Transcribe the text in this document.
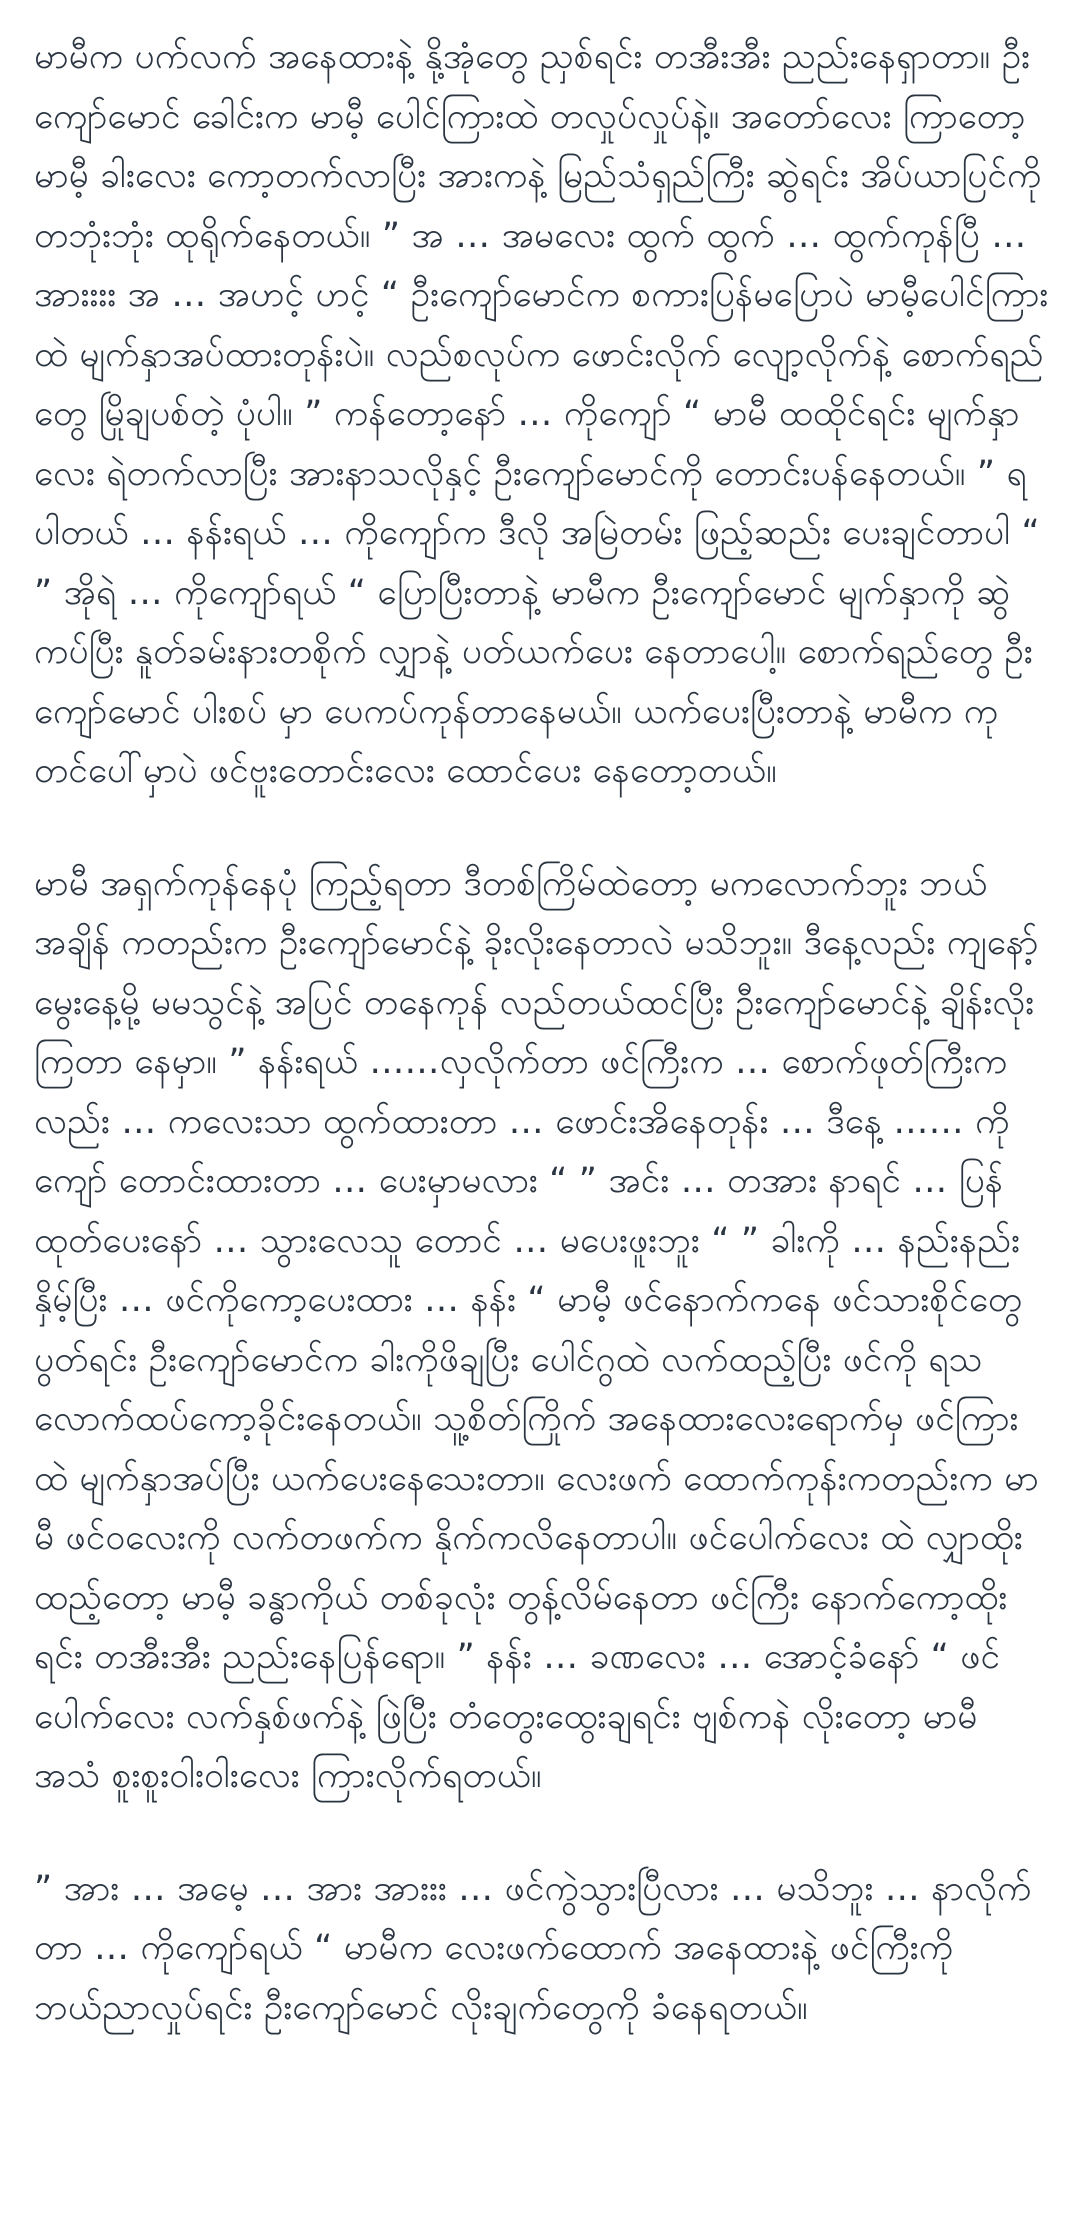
မာမီက ပက်လက် အနေထားနဲ့ နို့အုံတွေ ညှစ်ရင်း တအီးအီး ညည်းနေရှာတာ။ ဦးကျော်မောင် ခေါင်းက မာမီ့ ပေါင်ကြားထဲ တလှုပ်လှုပ်နဲ့။ အတော်လေး ကြာတော့ မာမီ့ ခါးလေး ကော့တက်လာပြီး အားကနဲ့ မြည်သံရှည်ကြီး ဆွဲရင်း အိပ်ယာပြင်ကို တဘုံးဘုံး ထုရိုက်နေတယ်။ ” အ … အမလေး ထွက် ထွက် … ထွက်ကုန်ပြီ … အားးးး အ … အဟင့် ဟင့် “ ဦးကျော်မောင်က စကားပြန်မပြောပဲ မာမီ့ပေါင်ကြားထဲ မျက်နှာအပ်ထားတုန်းပဲ။ လည်စလုပ်က ဖောင်းလိုက် လျော့လိုက်နဲ့ စောက်ရည်တွေ မြိုချပစ်တဲ့ ပုံပါ။ ” ကန်တော့နော် … ကိုကျော် “ မာမီ ထထိုင်ရင်း မျက်နှာလေး ရဲတက်လာပြီး အားနာသလိုနှင့် ဦးကျော်မောင်ကို တောင်းပန်နေတယ်။ ” ရပါတယ် … နန်းရယ် … ကိုကျော်က ဒီလို အမြဲတမ်း ဖြည့်ဆည်း ပေးချင်တာပါ “ ” အိုရဲ … ကိုကျော်ရယ် “ ပြောပြီးတာနဲ့ မာမီက ဦးကျော်မောင် မျက်နှာကို ဆွဲကပ်ပြီး နူတ်ခမ်းနားတစိုက် လျှာနဲ့ ပတ်ယက်ပေး နေတာပေါ့။ စောက်ရည်တွေ ဦးကျော်မောင် ပါးစပ် မှာ ပေကပ်ကုန်တာနေမယ်။ ယက်ပေးပြီးတာနဲ့ မာမီက ကုတင်ပေါ်မှာပဲ ဖင်ဗူးတောင်းလေး ထောင်ပေး နေတော့တယ်။

မာမီ အရှက်ကုန်နေပုံ ကြည့်ရတာ ဒီတစ်ကြိမ်ထဲတော့ မကလောက်ဘူး ဘယ်အချိန် ကတည်းက ဦးကျော်မောင်နဲ့ ခိုးလိုးနေတာလဲ မသိဘူး။ ဒီနေ့လည်း ကျနော့် မွေးနေ့မို့ မမသွင်နဲ့ အပြင် တနေကုန် လည်တယ်ထင်ပြီး ဦးကျော်မောင်နဲ့ ချိန်းလိုးကြတာ နေမှာ။ ” နန်းရယ် ……လှလိုက်တာ ဖင်ကြီးက … စောက်ဖုတ်ကြီးကလည်း … ကလေးသာ ထွက်ထားတာ … ဖောင်းအိနေတုန်း … ဒီနေ့ …… ကိုကျော် တောင်းထားတာ … ပေးမှာမလား “ ” အင်း … တအား နာရင် … ပြန်ထုတ်ပေးနော် … သွားလေသူ တောင် … မပေးဖူးဘူး “ ” ခါးကို … နည်းနည်းနှိမ့်ပြီး … ဖင်ကိုကော့ပေးထား … နန်း “ မာမီ့ ဖင်နောက်ကနေ ဖင်သားစိုင်တွေ ပွတ်ရင်း ဦးကျော်မောင်က ခါးကိုဖိချပြီး ပေါင်ဂွထဲ လက်ထည့်ပြီး ဖင်ကို ရသလောက်ထပ်ကော့ခိုင်းနေတယ်။ သူ့စိတ်ကြိုက် အနေထားလေးရောက်မှ ဖင်ကြားထဲ မျက်နှာအပ်ပြီး ယက်ပေးနေသေးတာ။ လေးဖက် ထောက်ကုန်းကတည်းက မာမီ ဖင်ဝလေးကို လက်တဖက်က နိုက်ကလိနေတာပါ။ ဖင်ပေါက်လေး ထဲ လျှာထိုးထည့်တော့ မာမီ့ ခန္ဓာကိုယ် တစ်ခုလုံး တွန့်လိမ်နေတာ ဖင်ကြီး နောက်ကော့ထိုးရင်း တအီးအီး ညည်းနေပြန်ရော။ ” နန်း … ခဏလေး … အောင့်ခံနော် “ ဖင်ပေါက်လေး လက်နှစ်ဖက်နဲ့ ဖြဲပြီး တံတွေးထွေးချရင်း ဗျစ်ကနဲ လိုးတော့ မာမီ အသံ စူးစူးဝါးဝါးလေး ကြားလိုက်ရတယ်။

” အား … အမေ့ … အား အားးး … ဖင်ကွဲသွားပြီလား … မသိဘူး … နာလိုက်တာ … ကိုကျော်ရယ် “ မာမီက လေးဖက်ထောက် အနေထားနဲ့ ဖင်ကြီးကို ဘယ်ညာလှုပ်ရင်း ဦးကျော်မောင် လိုးချက်တွေကို ခံနေရတယ်။
